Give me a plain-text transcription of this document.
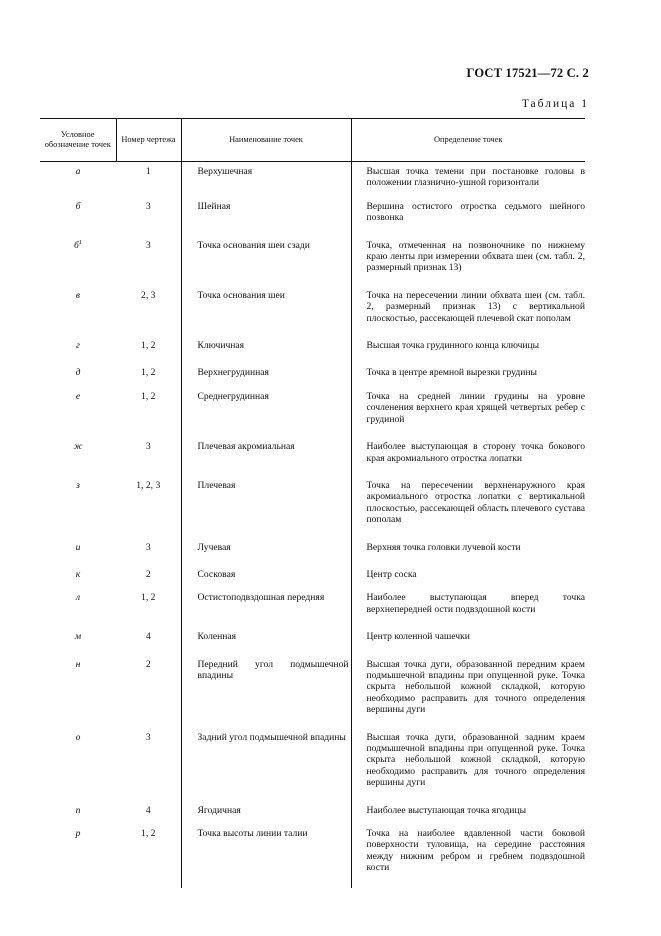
ГОСТ 17521—72 С. 2
Таблица 1
Условное обозначение точек	Номер чертежа	Наименование точек	Определение точек
а	1	Верхушечная	Высшая точка темени при постановке головы в положении глазнично-ушной горизонтали
б	3	Шейная	Вершина остистого отростка седьмого шейного позвонка
$б^1$	3	Точка основания шеи сзади	Точка, отмеченная на позвоночнике по нижнему краю ленты при измерении обхвата шеи (см. табл. 2, размерный признак 13)
в	2, 3	Точка основания шеи	Точка на пересечении линии обхвата шеи (см. табл. 2, размерный признак 13) с вертикальной плоскостью, рассекающей плечевой скат пополам
г	1, 2	Ключичная	Высшая точка грудинного конца ключицы
д	1, 2	Верхнегрудинная	Точка в центре яремной вырезки грудины
е	1, 2	Среднегрудинная	Точка на средней линии грудины на уровне сочленения верхнего края хрящей четвертых ребер с грудиной
ж	3	Плечевая акромиальная	Наиболее выступающая в сторону точка бокового края акромиального отростка лопатки
з	1, 2, 3	Плечевая	Точка на пересечении верхненаружного края акромиального отростка лопатки с вертикальной плоскостью, рассекающей область плечевого сустава пополам
и	3	Лучевая	Верхняя точка головки лучевой кости
к	2	Сосковая	Центр соска
л	1, 2	Остистоподвздошная передняя	Наиболее выступающая вперед точка верхнепередней ости подвздошной кости
м	4	Коленная	Центр коленной чашечки
н	2	Передний угол подмышечной впадины	Высшая точка дуги, образованной передним краем подмышечной впадины при опущенной руке. Точка скрыта небольшой кожной складкой, которую необходимо расправить для точного определения вершины дуги
о	3	Задний угол подмышечной впадины	Высшая точка дуги, образованной задним краем подмышечной впадины при опущенной руке. Точка скрыта небольшой кожной складкой, которую необходимо расправить для точного определения вершины дуги
п	4	Ягодичная	Наиболее выступающая точка ягодицы
р	1, 2	Точка высоты линии талии	Точка на наиболее вдавленной части боковой поверхности туловища, на середине расстояния между нижним ребром и гребнем подвздошной кости
